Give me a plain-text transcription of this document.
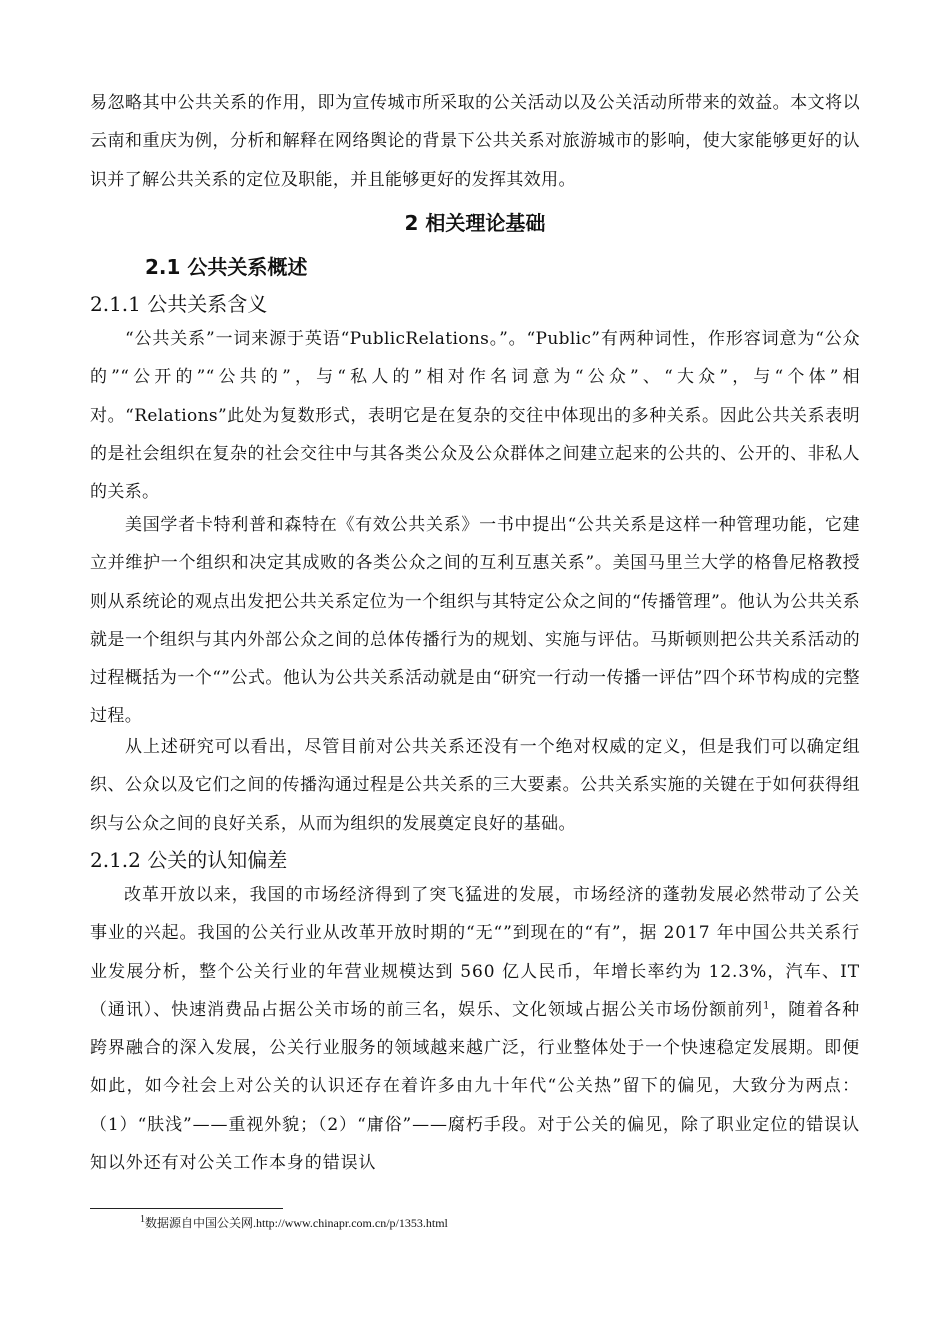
易忽略其中公共关系的作用，即为宣传城市所采取的公关活动以及公关活动所带来的效益。本文将以云南和重庆为例，分析和解释在网络舆论的背景下公共关系对旅游城市的影响，使大家能够更好的认识并了解公共关系的定位及职能，并且能够更好的发挥其效用。

2 相关理论基础
2.1 公共关系概述
2.1.1 公共关系含义

“公共关系”一词来源于英语“PublicRelations。”。“Public”有两种词性，作形容词意为“公众的”“公开的”“公共的”，与“私人的”相对作名词意为“公众”、“大众”，与“个体”相对。“Relations”此处为复数形式，表明它是在复杂的交往中体现出的多种关系。因此公共关系表明的是社会组织在复杂的社会交往中与其各类公众及公众群体之间建立起来的公共的、公开的、非私人的关系。

美国学者卡特利普和森特在《有效公共关系》一书中提出“公共关系是这样一种管理功能，它建立并维护一个组织和决定其成败的各类公众之间的互利互惠关系”。美国马里兰大学的格鲁尼格教授则从系统论的观点出发把公共关系定位为一个组织与其特定公众之间的“传播管理”。他认为公共关系就是一个组织与其内外部公众之间的总体传播行为的规划、实施与评估。马斯顿则把公共关系活动的过程概括为一个“”公式。他认为公共关系活动就是由“研究一行动一传播一评估”四个环节构成的完整过程。

从上述研究可以看出，尽管目前对公共关系还没有一个绝对权威的定义，但是我们可以确定组织、公众以及它们之间的传播沟通过程是公共关系的三大要素。公共关系实施的关键在于如何获得组织与公众之间的良好关系，从而为组织的发展奠定良好的基础。

2.1.2 公关的认知偏差

改革开放以来，我国的市场经济得到了突飞猛进的发展，市场经济的蓬勃发展必然带动了公关事业的兴起。我国的公关行业从改革开放时期的“无“”到现在的“有”，据 2017 年中国公共关系行业发展分析，整个公关行业的年营业规模达到 560 亿人民币，年增长率约为 12.3%，汽车、IT（通讯）、快速消费品占据公关市场的前三名，娱乐、文化领域占据公关市场份额前列$^1$，随着各种跨界融合的深入发展，公关行业服务的领域越来越广泛，行业整体处于一个快速稳定发展期。即便如此，如今社会上对公关的认识还存在着许多由九十年代“公关热”留下的偏见，大致分为两点：（1）“肤浅”——重视外貌；（2）“庸俗”——腐朽手段。对于公关的偏见，除了职业定位的错误认知以外还有对公关工作本身的错误认

$^1$数据源自中国公关网.http://www.chinapr.com.cn/p/1353.html
